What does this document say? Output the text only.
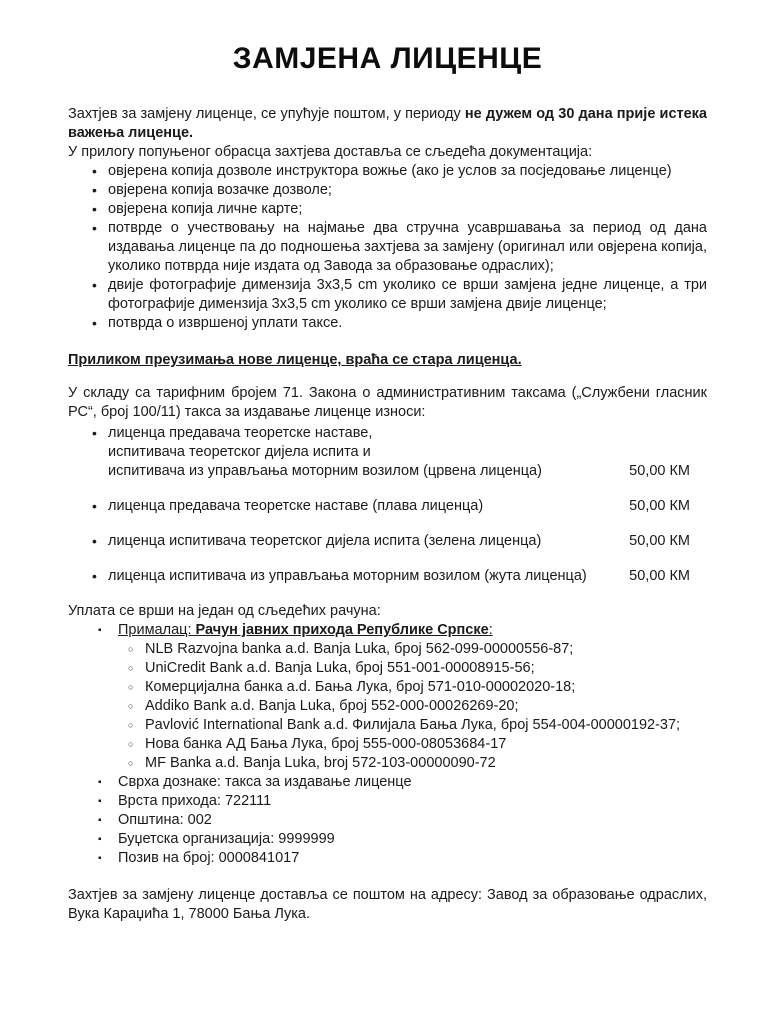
ЗАМЈЕНА ЛИЦЕНЦЕ

Захтјев за замјену лиценце, се упућује поштом, у периоду не дужем од 30 дана прије истека важења лиценце.

У прилогу попуњеног обрасца захтјева доставља се сљедећа документација:

• овјерена копија дозволе инструктора вожње (ако је услов за посједовање лиценце)
• овјерена копија возачке дозволе;
• овјерена копија личне карте;
• потврде о учествовању на најмање два стручна усавршавања за период од дана издавања лиценце па до подношења захтјева за замјену (оригинал или овјерена копија, уколико потврда није издата од Завода за образовање одраслих);
• двије фотографије димензија 3х3,5 cm уколико се врши замјена једне лиценце, а три фотографије димензија 3х3,5 cm уколико се врши замјена двије лиценце;
• потврда о извршеној уплати таксе.

Приликом преузимања нове лиценце, враћа се стара лиценца.

У складу са тарифним бројем 71. Закона о административним таксама („Службени гласник РС“, број 100/11) такса за издавање лиценце износи:

• лиценца предавача теоретске наставе,
испитивача теоретског дијела испита и
испитивача из управљања моторним возилом (црвена лиценца)	50,00 КМ
• лиценца предавача теоретске наставе (плава лиценца)	50,00 КМ
• лиценца испитивача теоретског дијела испита (зелена лиценца)	50,00 КМ
• лиценца испитивача из управљања моторним возилом (жута лиценца)	50,00 КМ

Уплата се врши на један од сљедећих рачуна:

▪	Прималац: Рачун јавних прихода Републике Српске:
○ NLB Razvojna banka a.d. Banja Luka, број 562-099-00000556-87;
○ UniCredit Bank a.d. Banja Luka, број 551-001-00008915-56;
○ Комерцијална банка a.d. Бања Лука, број 571-010-00002020-18;
○ Addiko Bank a.d. Banja Luka, број 552-000-00026269-20;
○ Pavlović International Bank a.d. Филијала Бања Лука, број 554-004-00000192-37;
○ Нова банка АД Бања Лука, број 555-000-08053684-17
○ MF Banka a.d. Banja Luka, broj 572-103-00000090-72
▪	Сврха дознаке: такса за издавање лиценце
▪	Врста прихода: 722111
▪	Општина: 002
▪	Буџетска организација: 9999999
▪	Позив на број: 0000841017

Захтјев за замјену лиценце доставља се поштом на адресу: Завод за образовање одраслих, Вука Караџића 1, 78000 Бања Лука.
